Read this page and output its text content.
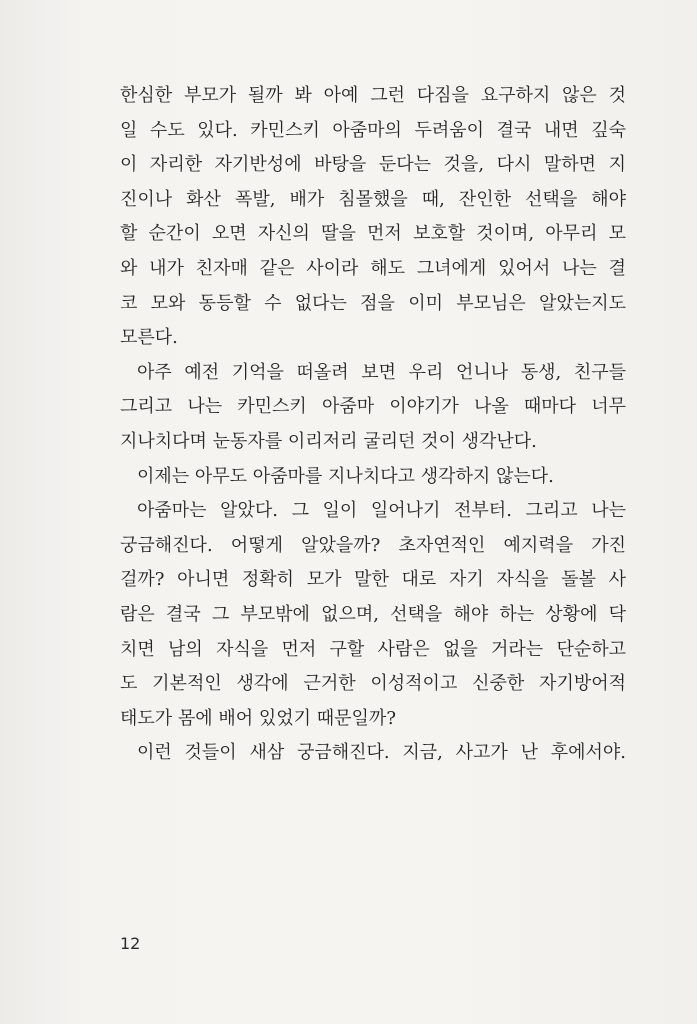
한심한 부모가 될까 봐 아예 그런 다짐을 요구하지 않은 것
일 수도 있다. 카민스키 아줌마의 두려움이 결국 내면 깊숙
이 자리한 자기반성에 바탕을 둔다는 것을, 다시 말하면 지
진이나 화산 폭발, 배가 침몰했을 때, 잔인한 선택을 해야
할 순간이 오면 자신의 딸을 먼저 보호할 것이며, 아무리 모
와 내가 친자매 같은 사이라 해도 그녀에게 있어서 나는 결
코 모와 동등할 수 없다는 점을 이미 부모님은 알았는지도
모른다.
아주 예전 기억을 떠올려 보면 우리 언니나 동생, 친구들
그리고 나는 카민스키 아줌마 이야기가 나올 때마다 너무
지나치다며 눈동자를 이리저리 굴리던 것이 생각난다.
이제는 아무도 아줌마를 지나치다고 생각하지 않는다.
아줌마는 알았다. 그 일이 일어나기 전부터. 그리고 나는
궁금해진다. 어떻게 알았을까? 초자연적인 예지력을 가진
걸까? 아니면 정확히 모가 말한 대로 자기 자식을 돌볼 사
람은 결국 그 부모밖에 없으며, 선택을 해야 하는 상황에 닥
치면 남의 자식을 먼저 구할 사람은 없을 거라는 단순하고
도 기본적인 생각에 근거한 이성적이고 신중한 자기방어적
태도가 몸에 배어 있었기 때문일까?
이런 것들이 새삼 궁금해진다. 지금, 사고가 난 후에서야.
12
